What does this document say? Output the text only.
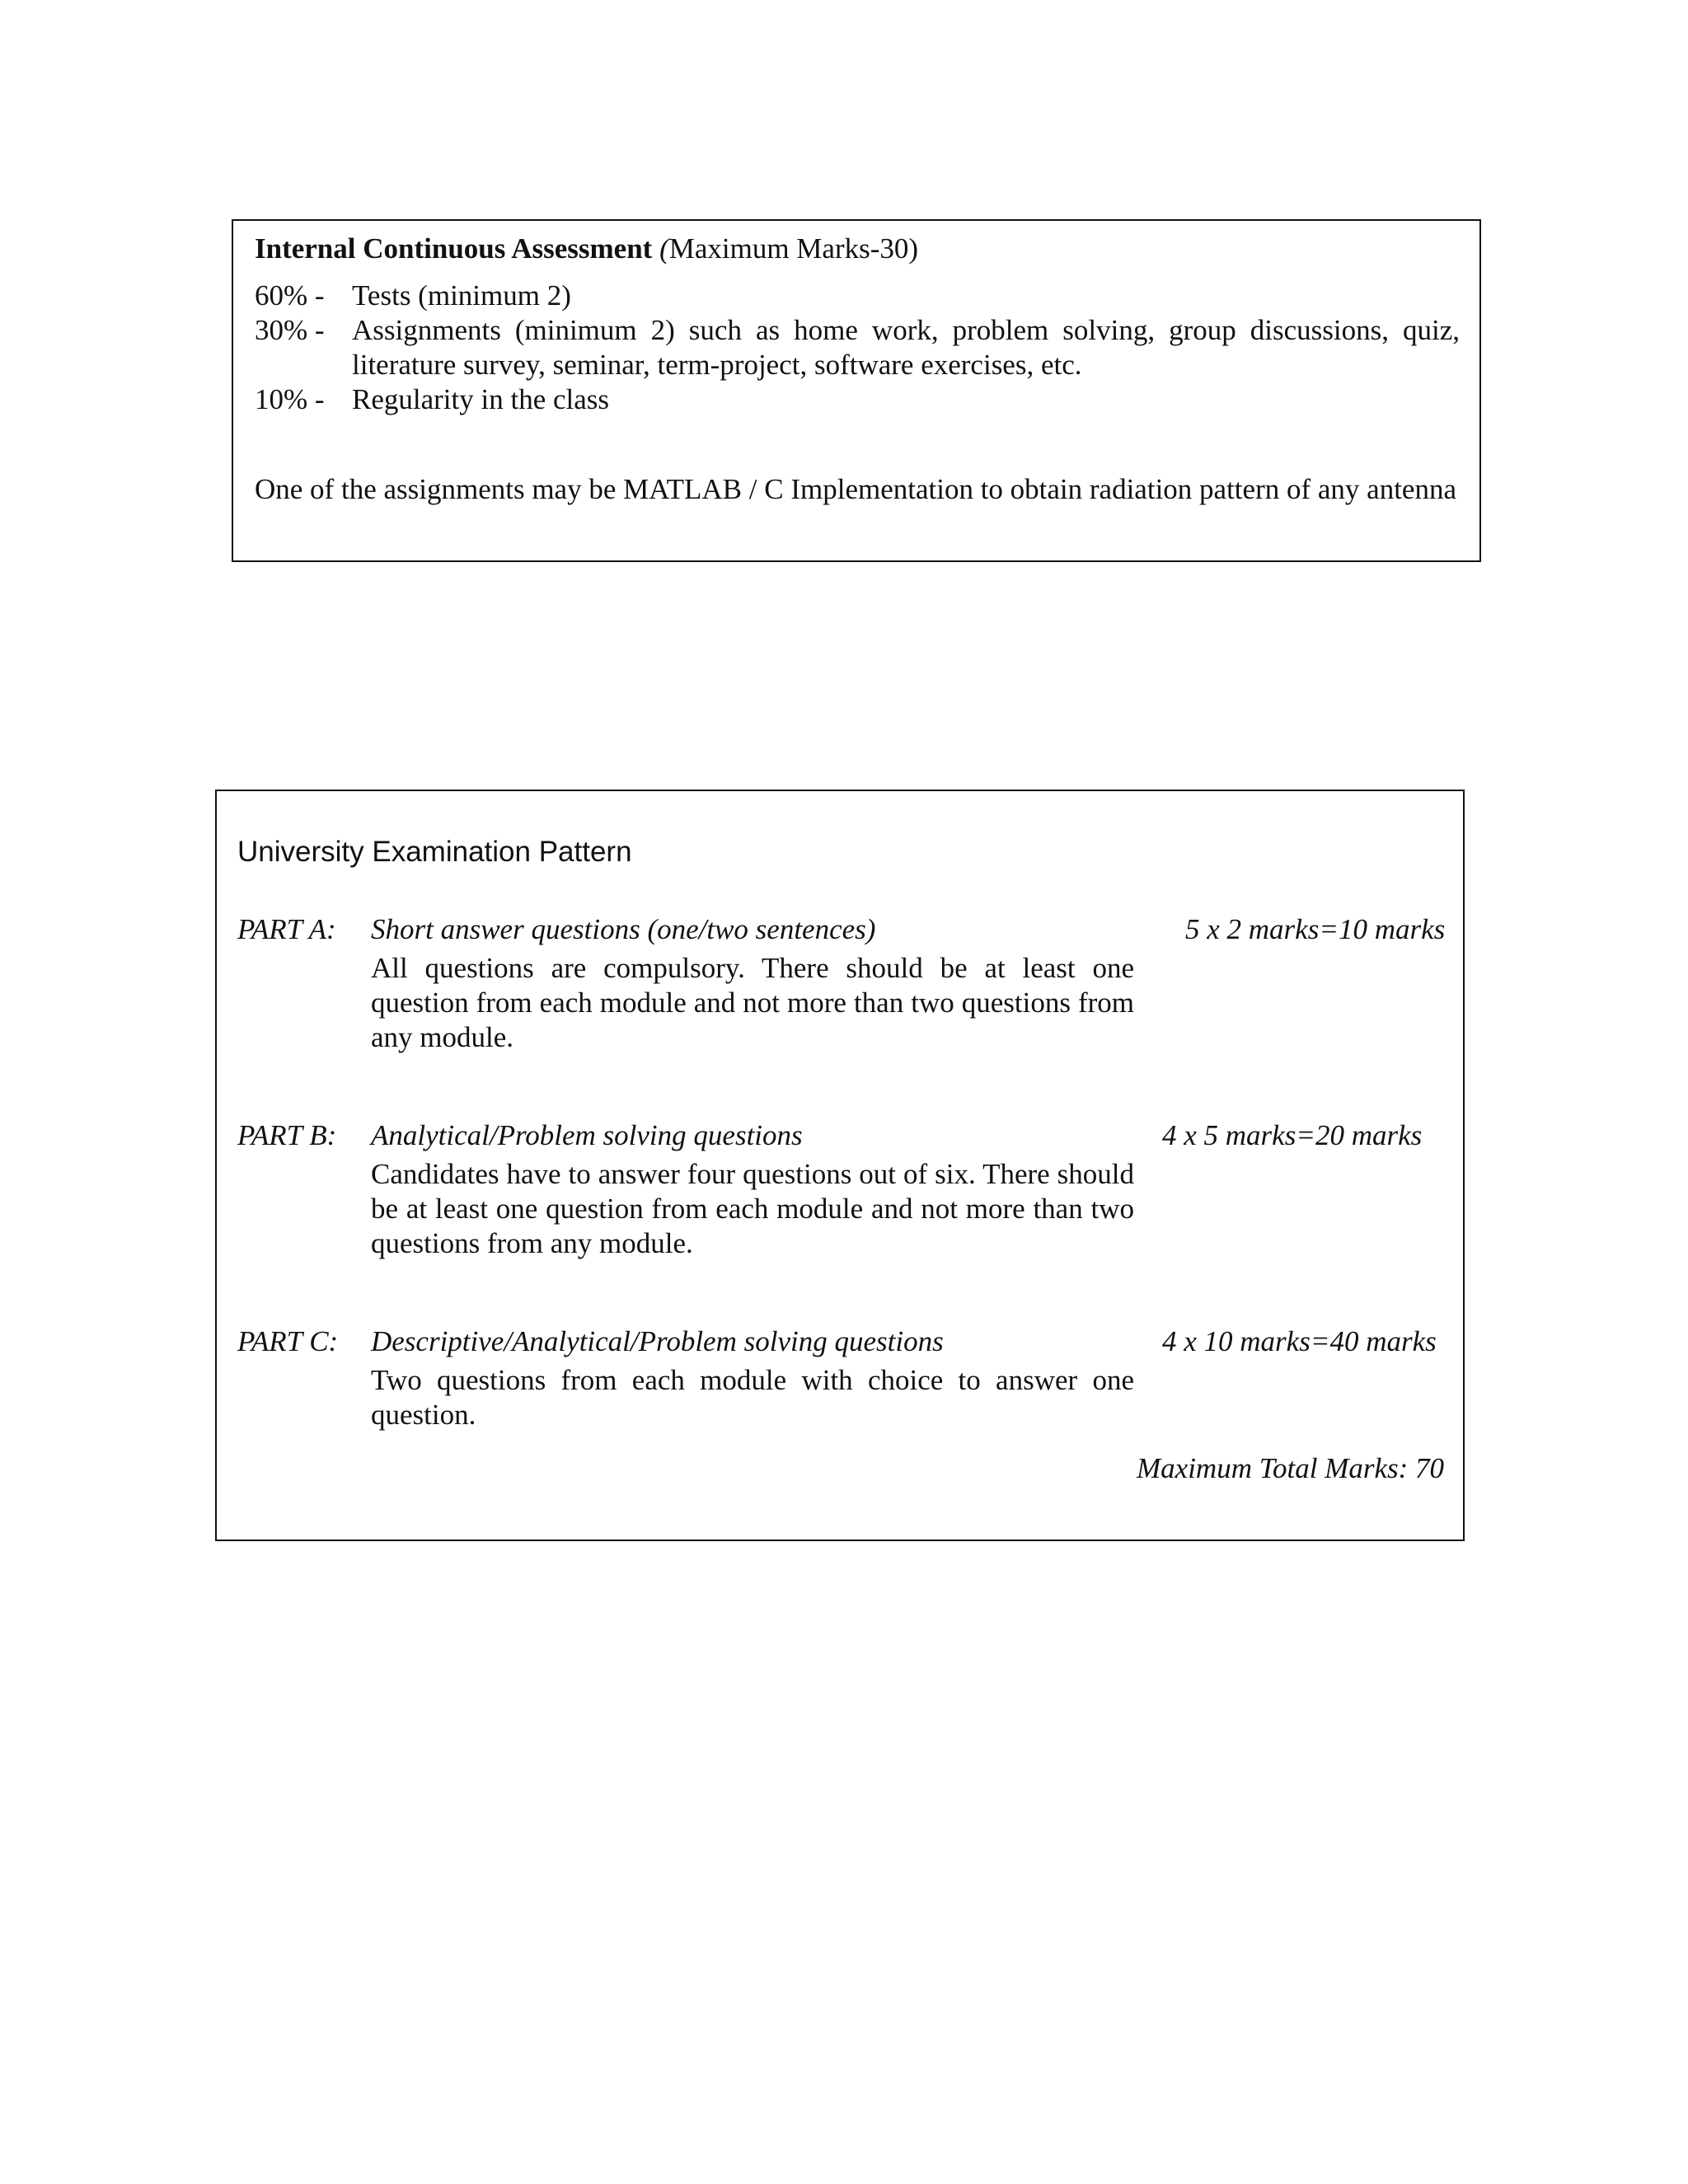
Internal Continuous Assessment (Maximum Marks-30)
60% - Tests (minimum 2)
30% - Assignments (minimum 2) such as home work, problem solving, group discussions, quiz, literature survey, seminar, term-project, software exercises, etc.
10% - Regularity in the class
One of the assignments may be MATLAB / C Implementation to obtain radiation pattern of any antenna
University Examination Pattern
PART A: Short answer questions (one/two sentences)	5 x 2 marks=10 marks
All questions are compulsory. There should be at least one question from each module and not more than two questions from any module.
PART B: Analytical/Problem solving questions	4 x 5 marks=20 marks
Candidates have to answer four questions out of six. There should be at least one question from each module and not more than two questions from any module.
PART C: Descriptive/Analytical/Problem solving questions	4 x 10 marks=40 marks
Two questions from each module with choice to answer one question.
Maximum Total Marks: 70
